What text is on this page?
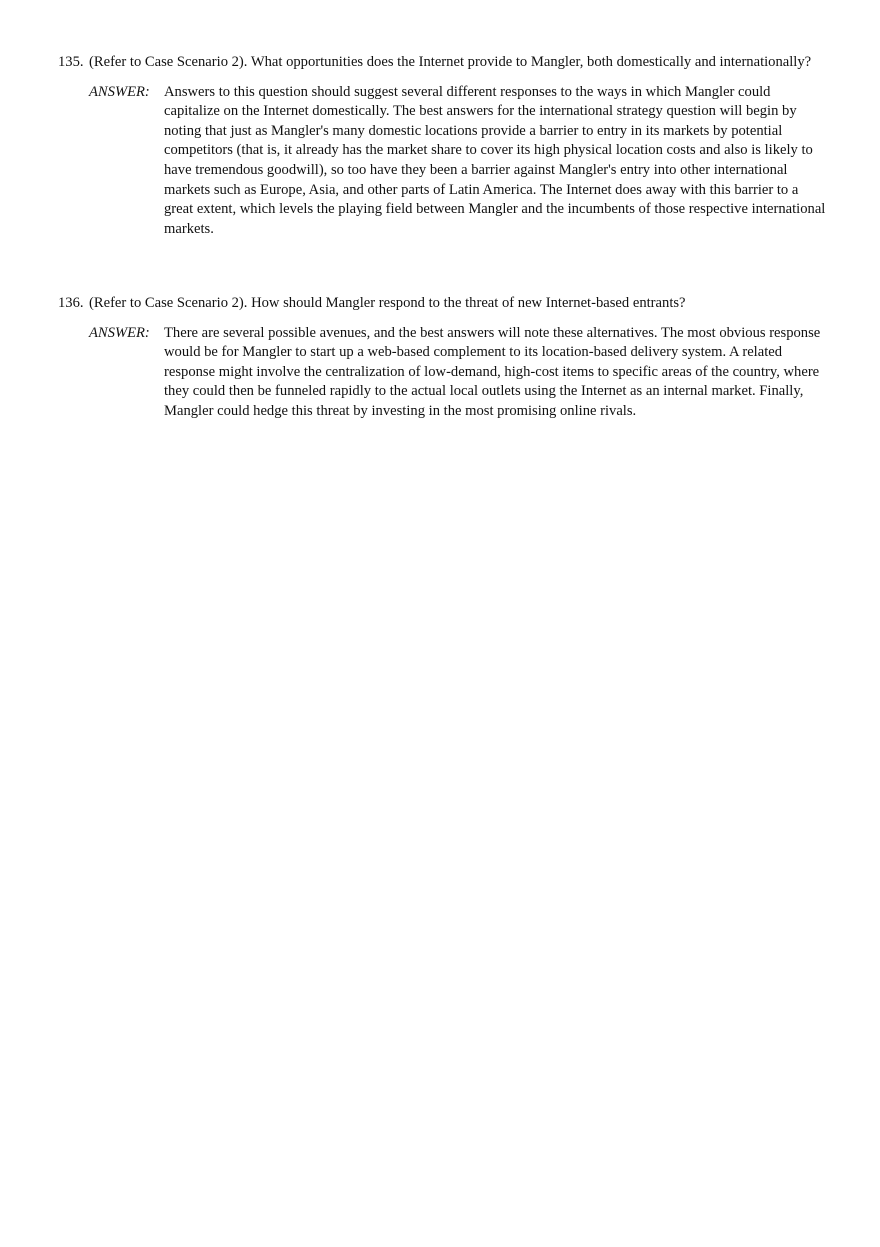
135. (Refer to Case Scenario 2). What opportunities does the Internet provide to Mangler, both domestically and internationally?

ANSWER: Answers to this question should suggest several different responses to the ways in which Mangler could capitalize on the Internet domestically. The best answers for the international strategy question will begin by noting that just as Mangler's many domestic locations provide a barrier to entry in its markets by potential competitors (that is, it already has the market share to cover its high physical location costs and also is likely to have tremendous goodwill), so too have they been a barrier against Mangler's entry into other international markets such as Europe, Asia, and other parts of Latin America. The Internet does away with this barrier to a great extent, which levels the playing field between Mangler and the incumbents of those respective international markets.

136. (Refer to Case Scenario 2). How should Mangler respond to the threat of new Internet-based entrants?

ANSWER: There are several possible avenues, and the best answers will note these alternatives. The most obvious response would be for Mangler to start up a web-based complement to its location-based delivery system. A related response might involve the centralization of low-demand, high-cost items to specific areas of the country, where they could then be funneled rapidly to the actual local outlets using the Internet as an internal market. Finally, Mangler could hedge this threat by investing in the most promising online rivals.
